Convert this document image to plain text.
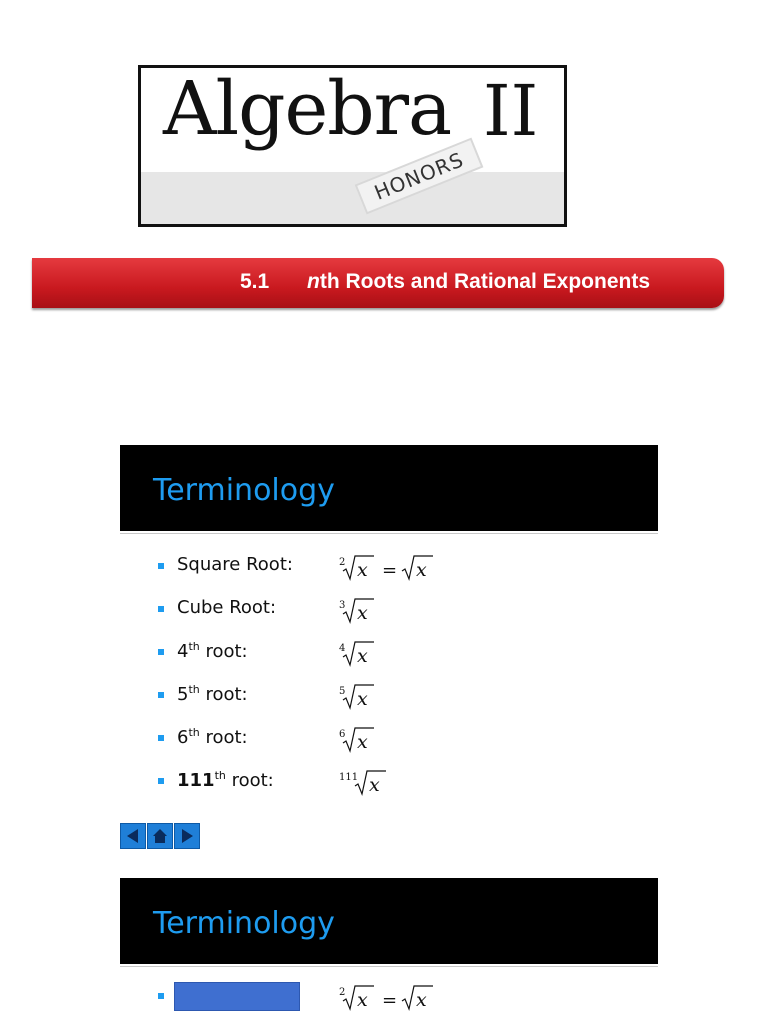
Algebra II
HONORS
5.1 nth Roots and Rational Exponents
Terminology
Square Root:	2 x = x
Cube Root:	3 x
4th root:	4 x
5th root:	5 x
6th root:	6 x
111th root:	111 x
Terminology
2 x = x
